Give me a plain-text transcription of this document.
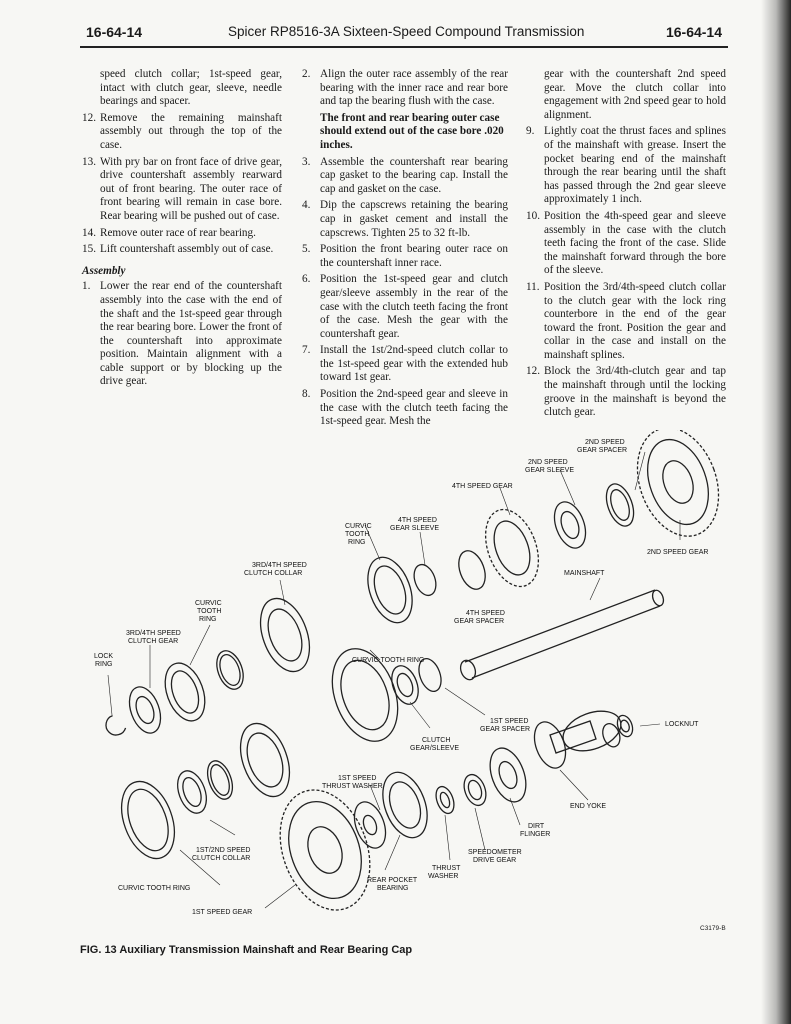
16-64-14	Spicer RP8516-3A Sixteen-Speed Compound Transmission	16-64-14

speed clutch collar; 1st-speed gear, intact with clutch gear, sleeve, needle bearings and spacer.

12. Remove the remaining mainshaft assembly out through the top of the case.
13. With pry bar on front face of drive gear, drive countershaft assembly rearward out of front bearing. The outer race of front bearing will remain in case bore. Rear bearing will be pushed out of case.
14. Remove outer race of rear bearing.
15. Lift countershaft assembly out of case.
Assembly
1. Lower the rear end of the countershaft assembly into the case with the end of the shaft and the 1st-speed gear through the rear bearing bore. Lower the front of the countershaft into approximate position. Maintain alignment with a cable support or by blocking up the drive gear.
2. Align the outer race assembly of the rear bearing with the inner race and rear bore and tap the bearing flush with the case.

The front and rear bearing outer case should extend out of the case bore .020 inches.

3. Assemble the countershaft rear bearing cap gasket to the bearing cap. Install the cap and gasket on the case.
4. Dip the capscrews retaining the bearing cap in gasket cement and install the capscrews. Tighten 25 to 32 ft-lb.
5. Position the front bearing outer race on the countershaft inner race.
6. Position the 1st-speed gear and clutch gear/sleeve assembly in the rear of the case with the clutch teeth facing the front of the case. Mesh the gear with the countershaft gear.
7. Install the 1st/2nd-speed clutch collar to the 1st-speed gear with the extended hub toward 1st gear.
8. Position the 2nd-speed gear and sleeve in the case with the clutch teeth facing the 1st-speed gear. Mesh the

gear with the countershaft 2nd speed gear. Move the clutch collar into engagement with 2nd speed gear to hold alignment.

9. Lightly coat the thrust faces and splines of the mainshaft with grease. Insert the pocket bearing end of the mainshaft through the rear bearing until the shaft has passed through the 2nd gear sleeve approximately 1 inch.
10. Position the 4th-speed gear and sleeve assembly in the case with the clutch teeth facing the front of the case. Slide the mainshaft forward through the bore of the sleeve.
11. Position the 3rd/4th-speed clutch collar to the clutch gear with the lock ring counterbore in the end of the gear toward the front. Position the gear and collar in the case and install on the mainshaft splines.
12. Block the 3rd/4th-clutch gear and tap the mainshaft through until the locking groove in the mainshaft is beyond the clutch gear.
2ND SPEED GEAR SPACER
2ND SPEED GEAR SLEEVE
4TH SPEED GEAR
4TH SPEED GEAR SLEEVE
CURVIC TOOTH RING
2ND SPEED GEAR
3RD/4TH SPEED CLUTCH COLLAR	MAINSHAFT
CURVIC TOOTH RING
4TH SPEED GEAR SPACER
3RD/4TH SPEED CLUTCH GEAR
LOCK RING
CURVIC TOOTH RING
1ST SPEED GEAR SPACER
LOCKNUT
CLUTCH GEAR/SLEEVE
1ST SPEED THRUST WASHER
END YOKE
DIRT FLINGER
1ST/2ND SPEED CLUTCH COLLAR
SPEEDOMETER DRIVE GEAR
THRUST WASHER
REAR POCKET BEARING
CURVIC TOOTH RING
1ST SPEED GEAR
C3179-B
FIG. 13 Auxiliary Transmission Mainshaft and Rear Bearing Cap
